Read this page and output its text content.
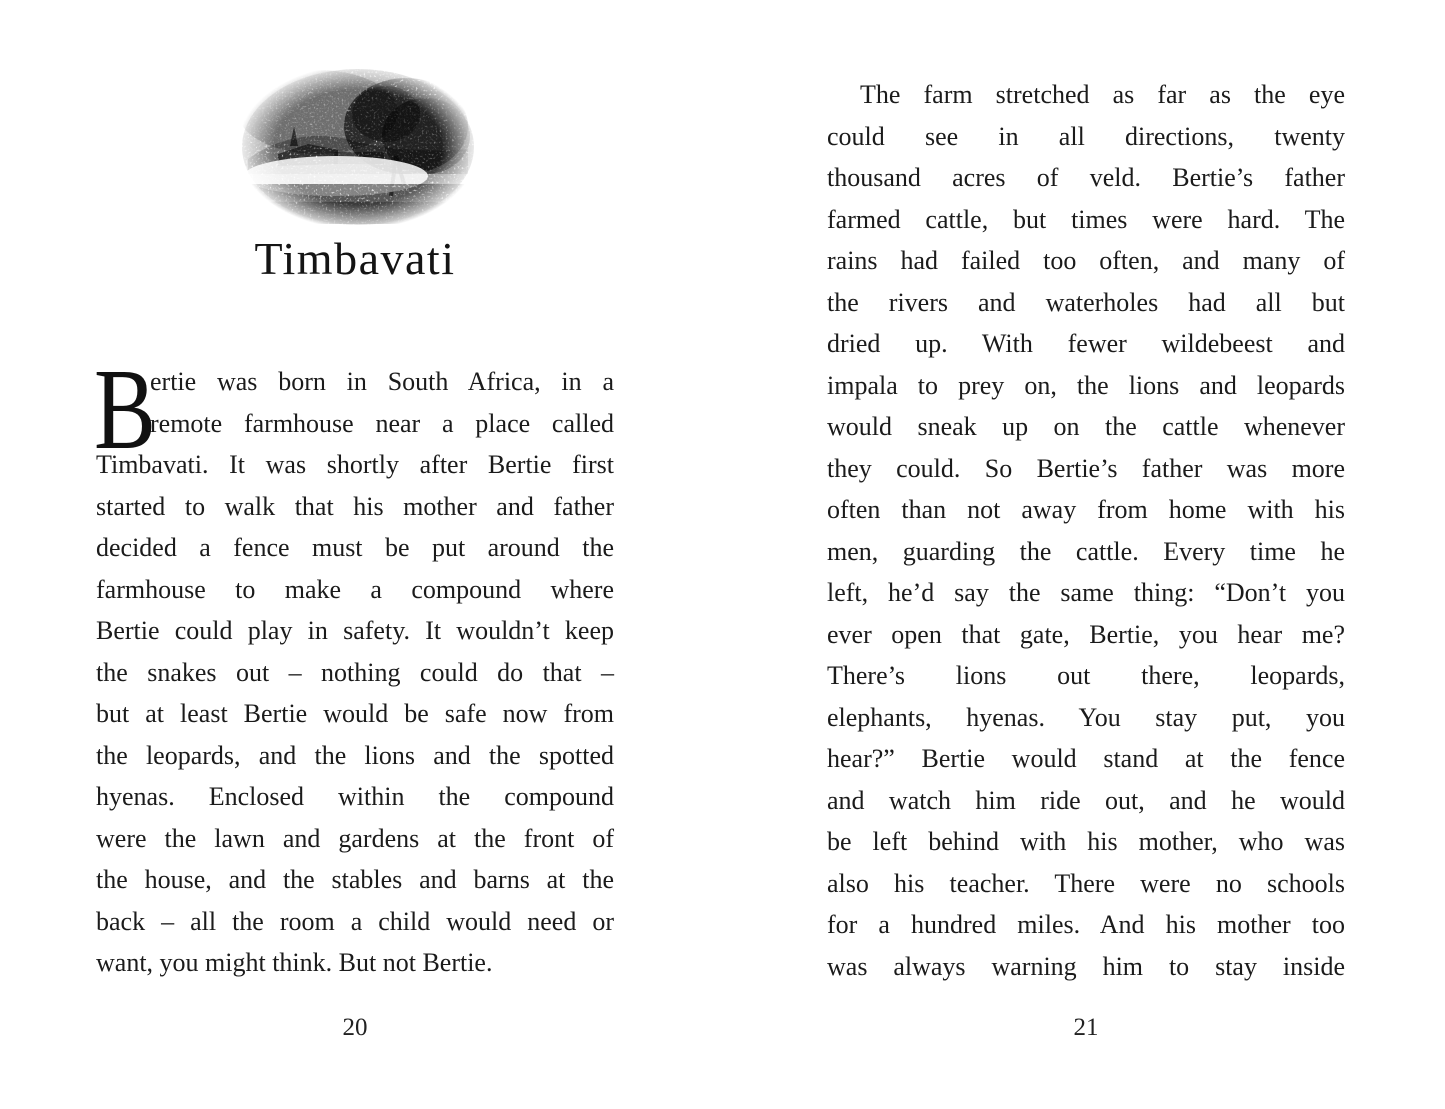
Timbavati
B
ertie was born in South Africa, in a
remote farmhouse near a place called
Timbavati. It was shortly after Bertie first
started to walk that his mother and father
decided a fence must be put around the
farmhouse to make a compound where
Bertie could play in safety. It wouldn’t keep
the snakes out – nothing could do that –
but at least Bertie would be safe now from
the leopards, and the lions and the spotted
hyenas. Enclosed within the compound
were the lawn and gardens at the front of
the house, and the stables and barns at the
back – all the room a child would need or
want, you might think. But not Bertie.
20
The farm stretched as far as the eye
could see in all directions, twenty
thousand acres of veld. Bertie’s father
farmed cattle, but times were hard. The
rains had failed too often, and many of
the rivers and waterholes had all but
dried up. With fewer wildebeest and
impala to prey on, the lions and leopards
would sneak up on the cattle whenever
they could. So Bertie’s father was more
often than not away from home with his
men, guarding the cattle. Every time he
left, he’d say the same thing: “Don’t you
ever open that gate, Bertie, you hear me?
There’s lions out there, leopards,
elephants, hyenas. You stay put, you
hear?” Bertie would stand at the fence
and watch him ride out, and he would
be left behind with his mother, who was
also his teacher. There were no schools
for a hundred miles. And his mother too
was always warning him to stay inside
21
